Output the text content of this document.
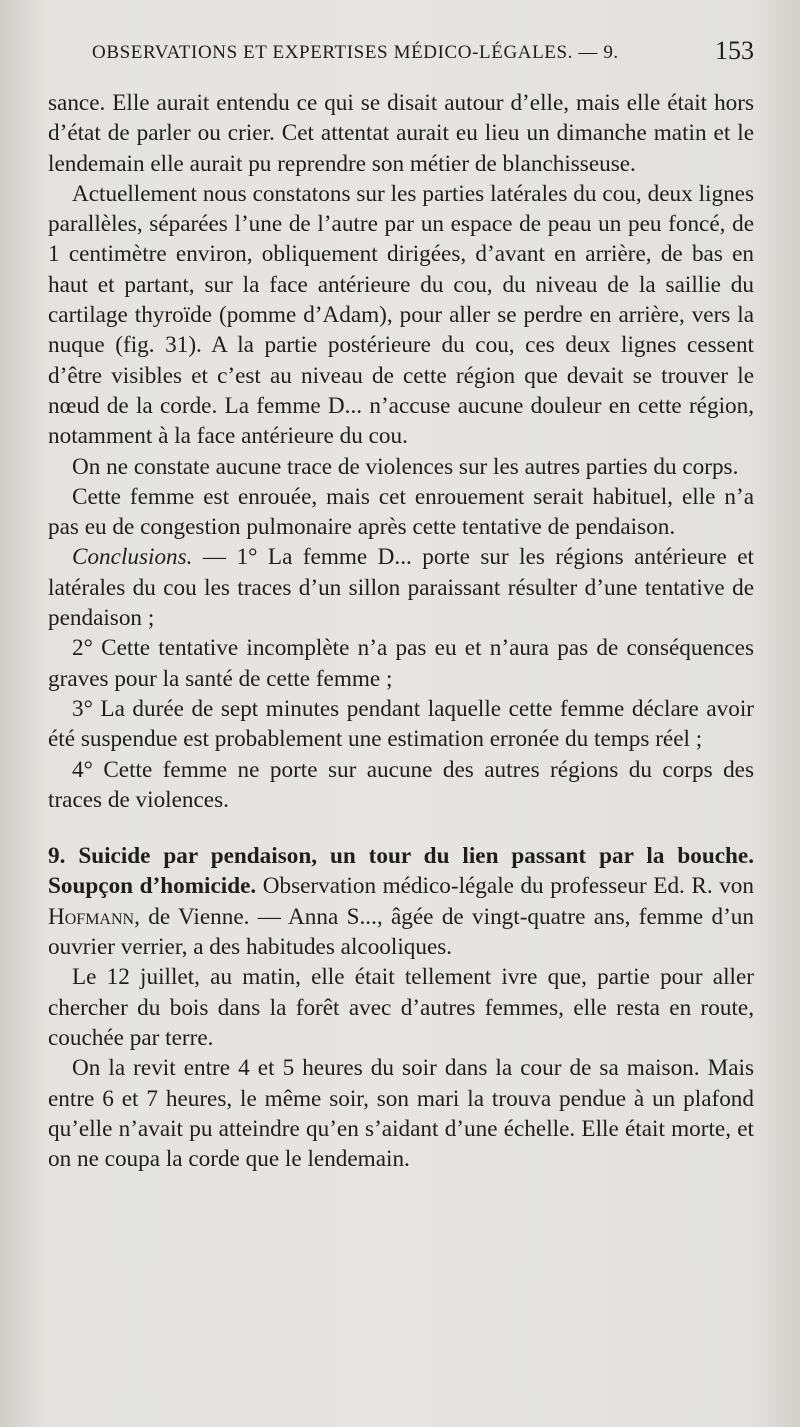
OBSERVATIONS ET EXPERTISES MÉDICO-LÉGALES. — 9.	153

sance. Elle aurait entendu ce qui se disait autour d’elle, mais elle était hors d’état de parler ou crier. Cet attentat aurait eu lieu un dimanche matin et le lendemain elle aurait pu reprendre son métier de blanchisseuse.

Actuellement nous constatons sur les parties latérales du cou, deux lignes parallèles, séparées l’une de l’autre par un espace de peau un peu foncé, de 1 centimètre environ, obliquement dirigées, d’avant en arrière, de bas en haut et partant, sur la face antérieure du cou, du niveau de la saillie du cartilage thyroïde (pomme d’Adam), pour aller se perdre en arrière, vers la nuque (fig. 31). A la partie postérieure du cou, ces deux lignes cessent d’être visibles et c’est au niveau de cette région que devait se trouver le nœud de la corde. La femme D... n’accuse aucune douleur en cette région, notamment à la face antérieure du cou.

On ne constate aucune trace de violences sur les autres parties du corps.

Cette femme est enrouée, mais cet enrouement serait habituel, elle n’a pas eu de congestion pulmonaire après cette tentative de pendaison.

Conclusions. — 1° La femme D... porte sur les régions antérieure et latérales du cou les traces d’un sillon paraissant résulter d’une tentative de pendaison ;

2° Cette tentative incomplète n’a pas eu et n’aura pas de conséquences graves pour la santé de cette femme ;

3° La durée de sept minutes pendant laquelle cette femme déclare avoir été suspendue est probablement une estimation erronée du temps réel ;

4° Cette femme ne porte sur aucune des autres régions du corps des traces de violences.

9. Suicide par pendaison, un tour du lien passant par la bouche. Soupçon d’homicide. Observation médico-légale du professeur Ed. R. von Hofmann, de Vienne. — Anna S..., âgée de vingt-quatre ans, femme d’un ouvrier verrier, a des habitudes alcooliques.

Le 12 juillet, au matin, elle était tellement ivre que, partie pour aller chercher du bois dans la forêt avec d’autres femmes, elle resta en route, couchée par terre.

On la revit entre 4 et 5 heures du soir dans la cour de sa maison. Mais entre 6 et 7 heures, le même soir, son mari la trouva pendue à un plafond qu’elle n’avait pu atteindre qu’en s’aidant d’une échelle. Elle était morte, et on ne coupa la corde que le lendemain.
